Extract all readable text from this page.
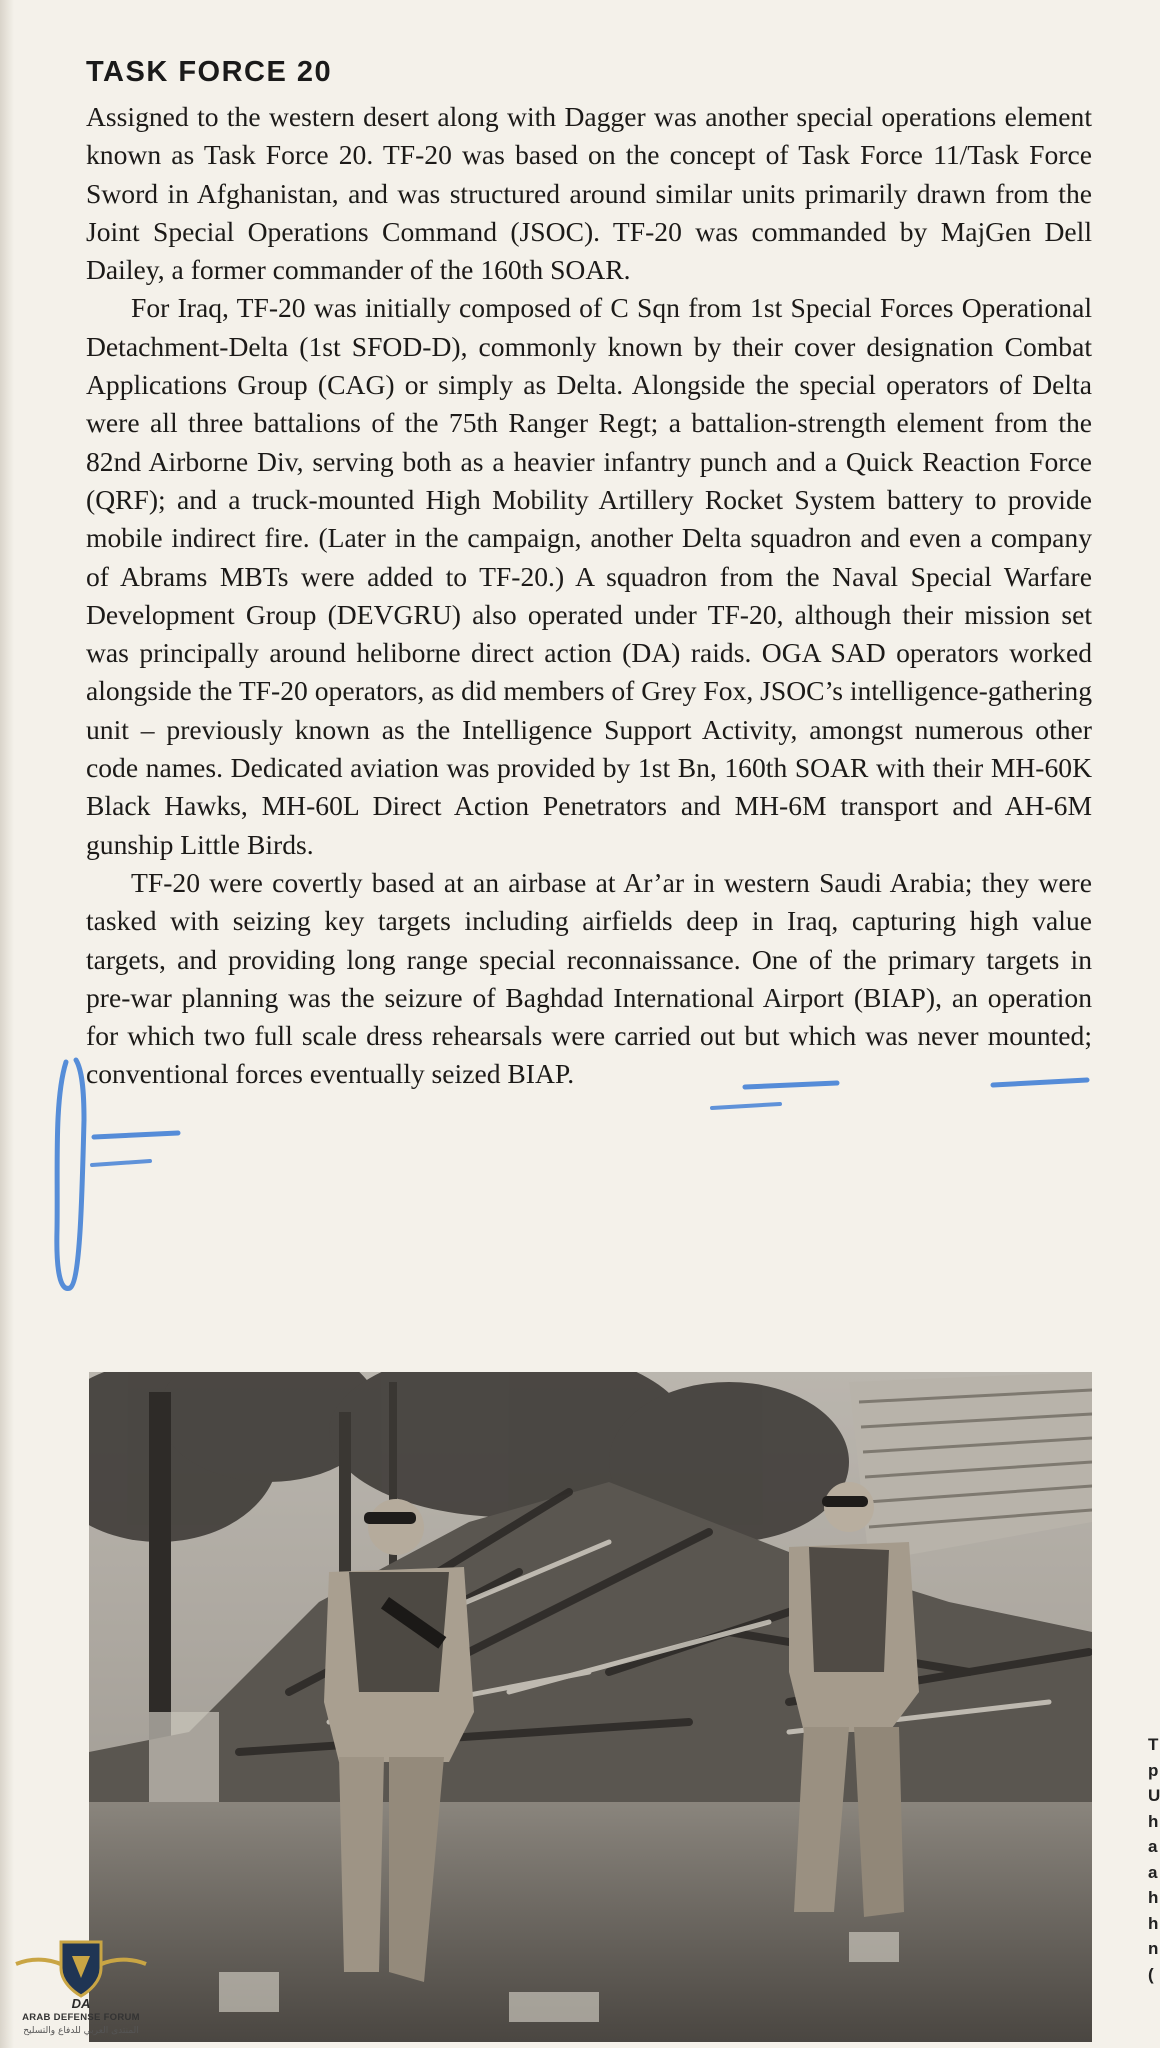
TASK FORCE 20

Assigned to the western desert along with Dagger was another special operations element known as Task Force 20. TF-20 was based on the concept of Task Force 11/Task Force Sword in Afghanistan, and was structured around similar units primarily drawn from the Joint Special Operations Command (JSOC). TF-20 was commanded by MajGen Dell Dailey, a former commander of the 160th SOAR.

For Iraq, TF-20 was initially composed of C Sqn from 1st Special Forces Operational Detachment-Delta (1st SFOD-D), commonly known by their cover designation Combat Applications Group (CAG) or simply as Delta. Alongside the special operators of Delta were all three battalions of the 75th Ranger Regt; a battalion-strength element from the 82nd Airborne Div, serving both as a heavier infantry punch and a Quick Reaction Force (QRF); and a truck-mounted High Mobility Artillery Rocket System battery to provide mobile indirect fire. (Later in the campaign, another Delta squadron and even a company of Abrams MBTs were added to TF-20.) A squadron from the Naval Special Warfare Development Group (DEVGRU) also operated under TF-20, although their mission set was principally around heliborne direct action (DA) raids. OGA SAD operators worked alongside the TF-20 operators, as did members of Grey Fox, JSOC’s intelligence-gathering unit – previously known as the Intelligence Support Activity, amongst numerous other code names. Dedicated aviation was provided by 1st Bn, 160th SOAR with their MH-60K Black Hawks, MH-60L Direct Action Penetrators and MH-6M transport and AH-6M gunship Little Birds.

TF-20 were covertly based at an airbase at Ar’ar in western Saudi Arabia; they were tasked with seizing key targets including airfields deep in Iraq, capturing high value targets, and providing long range special reconnaissance. One of the primary targets in pre-war planning was the seizure of Baghdad International Airport (BIAP), an operation for which two full scale dress rehearsals were carried out but which was never mounted; conventional forces eventually seized BIAP.

T
p
U
h
a
a
h
h
n
(
DA
ARAB DEFENSE FORUM
المنتدى العربي للدفاع والتسليح
